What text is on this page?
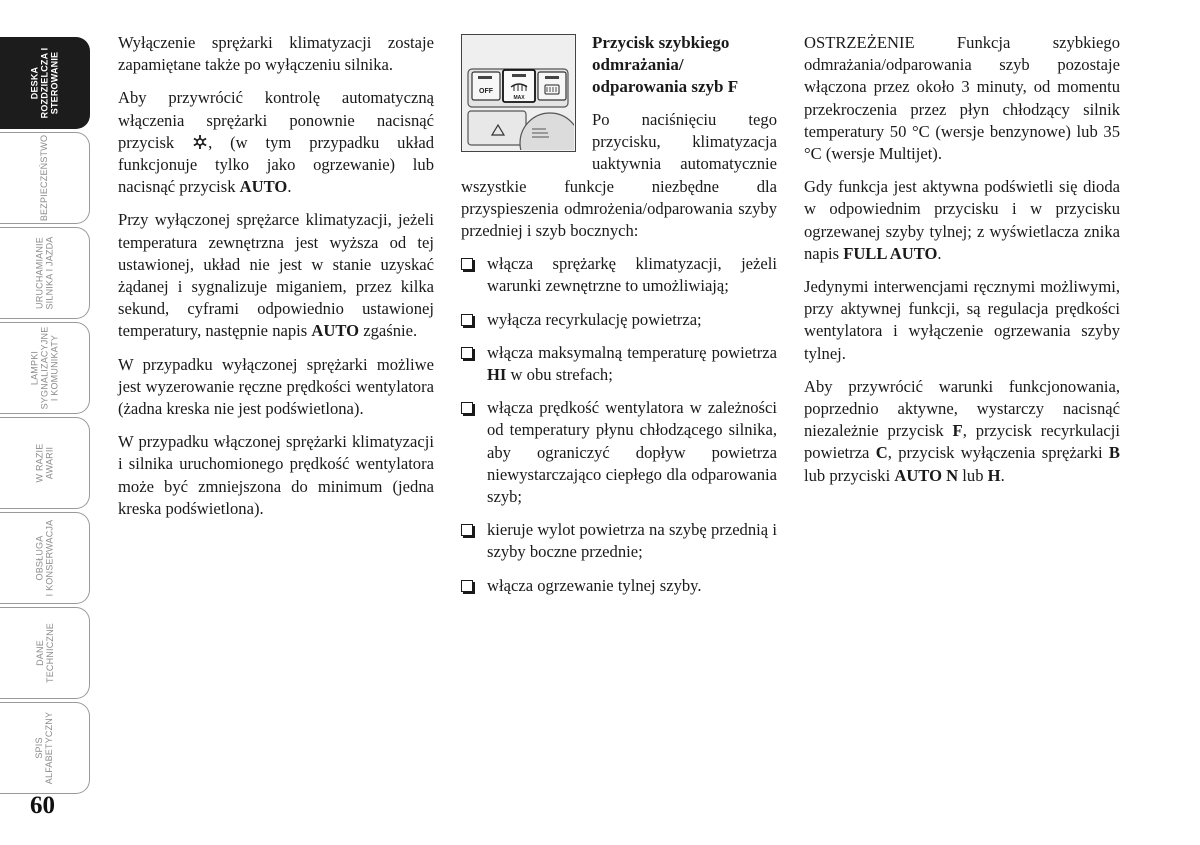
DESKA
ROZDZIELCZA I
STEROWANIE
BEZPIECZEŃSTWO
URUCHAMIANIE
SILNIKA I JAZDA
LAMPKI
SYGNALIZACYJNE
I KOMUNIKATY
W RAZIE
AWARII
OBSŁUGA
I KONSERWACJA
DANE
TECHNICZNE
SPIS
ALFABETYCZNY
60

Wyłączenie sprężarki klimatyzacji zostaje zapamiętane także po wyłączeniu silnika.

Aby przywrócić kontrolę automatyczną włączenia sprężarki ponownie nacisnąć przycisk , (w tym przypadku układ funkcjonuje tylko jako ogrzewanie) lub nacisnąć przycisk AUTO.

Przy wyłączonej sprężarce klimatyzacji, jeżeli temperatura zewnętrzna jest wyższa od tej ustawionej, układ nie jest w stanie uzyskać żądanej i sygnalizuje miganiem, przez kilka sekund, cyframi odpowiednio ustawionej temperatury, następnie napis AUTO zgaśnie.

W przypadku wyłączonej sprężarki możliwe jest wyzerowanie ręczne prędkości wentylatora (żadna kreska nie jest podświetlona).

W przypadku włączonej sprężarki klimatyzacji i silnika uruchomionego prędkość wentylatora może być zmniejszona do minimum (jedna kreska podświetlona).

OFF
MAX

Przycisk szybkiego odmrażania/ odparowania szyb F

Po naciśnięciu tego przycisku, klimatyzacja uaktywnia automatycznie wszystkie funkcje niezbędne dla przyspieszenia odmrożenia/odparowania szyby przedniej i szyb bocznych:

włącza sprężarkę klimatyzacji, jeżeli warunki zewnętrzne to umożliwiają;
wyłącza recyrkulację powietrza;
włącza maksymalną temperaturę powietrza HI w obu strefach;
włącza prędkość wentylatora w zależności od temperatury płynu chłodzącego silnika, aby ograniczyć dopływ powietrza niewystarczająco ciepłego dla odparowania szyb;
kieruje wylot powietrza na szybę przednią i szyby boczne przednie;
włącza ogrzewanie tylnej szyby.

OSTRZEŻENIE Funkcja szybkiego odmrażania/odparowania szyb pozostaje włączona przez około 3 minuty, od momentu przekroczenia przez płyn chłodzący silnik temperatury 50 °C (wersje benzynowe) lub 35 °C (wersje Multijet).

Gdy funkcja jest aktywna podświetli się dioda w odpowiednim przycisku i w przycisku ogrzewanej szyby tylnej; z wyświetlacza znika napis FULL AUTO.

Jedynymi interwencjami ręcznymi możliwymi, przy aktywnej funkcji, są regulacja prędkości wentylatora i wyłączenie ogrzewania szyby tylnej.

Aby przywrócić warunki funkcjonowania, poprzednio aktywne, wystarczy nacisnąć niezależnie przycisk F, przycisk recyrkulacji powietrza C, przycisk wyłączenia sprężarki B lub przyciski AUTO N lub H.
